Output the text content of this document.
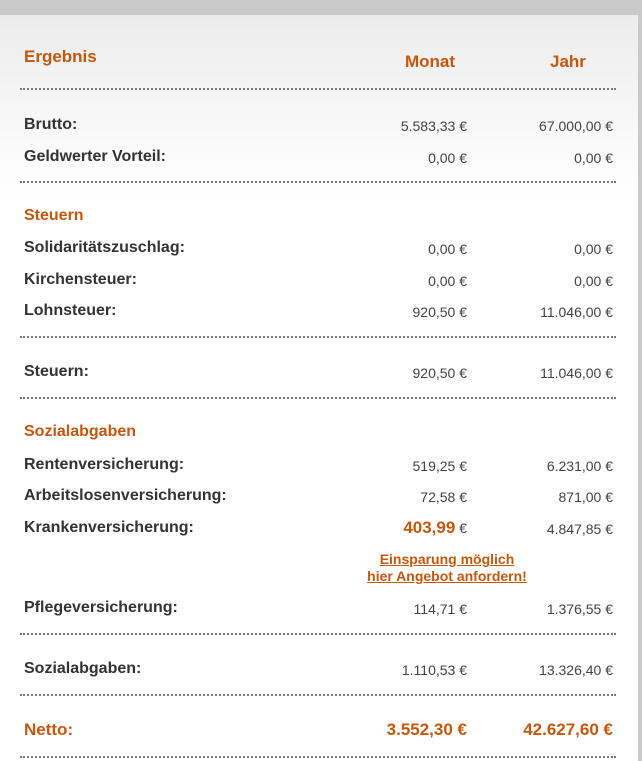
Ergebnis	Monat	Jahr
Brutto:	5.583,33 €	67.000,00 €
Geldwerter Vorteil:	0,00 €	0,00 €
Steuern
Solidaritätszuschlag:	0,00 €	0,00 €
Kirchensteuer:	0,00 €	0,00 €
Lohnsteuer:	920,50 €	11.046,00 €
Steuern:	920,50 €	11.046,00 €
Sozialabgaben
Rentenversicherung:	519,25 €	6.231,00 €
Arbeitslosenversicherung:	72,58 €	871,00 €
Krankenversicherung:	403,99 €	4.847,85 €
Einsparung möglich
hier Angebot anfordern!
Pflegeversicherung:	114,71 €	1.376,55 €
Sozialabgaben:	1.110,53 €	13.326,40 €
Netto:	3.552,30 €	42.627,60 €
